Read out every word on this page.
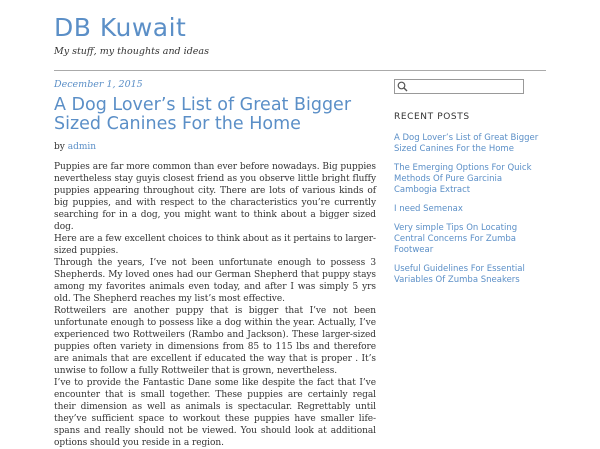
DB Kuwait
My stuff, my thoughts and ideas
December 1, 2015
A Dog Lover’s List of Great Bigger Sized Canines For the Home
by admin

Puppies are far more common than ever before nowadays. Big puppies nevertheless stay guyis closest friend as you observe little bright fluffy puppies appearing throughout city. There are lots of various kinds of big puppies, and with respect to the characteristics you’re currently searching for in a dog, you might want to think about a bigger sized dog.

Here are a few excellent choices to think about as it pertains to larger-sized puppies.

Through the years, I’ve not been unfortunate enough to possess 3 Shepherds. My loved ones had our German Shepherd that puppy stays among my favorites animals even today, and after I was simply 5 yrs old. The Shepherd reaches my list’s most effective.

Rottweilers are another puppy that is bigger that I’ve not been unfortunate enough to possess like a dog within the year. Actually, I’ve experienced two Rottweilers (Rambo and Jackson). These larger-sized puppies often variety in dimensions from 85 to 115 lbs and therefore are animals that are excellent if educated the way that is proper . It’s unwise to follow a fully Rottweiler that is grown, nevertheless.

I’ve to provide the Fantastic Dane some like despite the fact that I’ve encounter that is small together. These puppies are certainly regal their dimension as well as animals is spectacular. Regrettably until they’ve sufficient space to workout these puppies have smaller life-spans and really should not be viewed. You should look at additional options should you reside in a region.

RECENT POSTS
A Dog Lover’s List of Great Bigger Sized Canines For the Home
The Emerging Options For Quick Methods Of Pure Garcinia Cambogia Extract
I need Semenax
Very simple Tips On Locating Central Concerns For Zumba Footwear
Useful Guidelines For Essential Variables Of Zumba Sneakers
